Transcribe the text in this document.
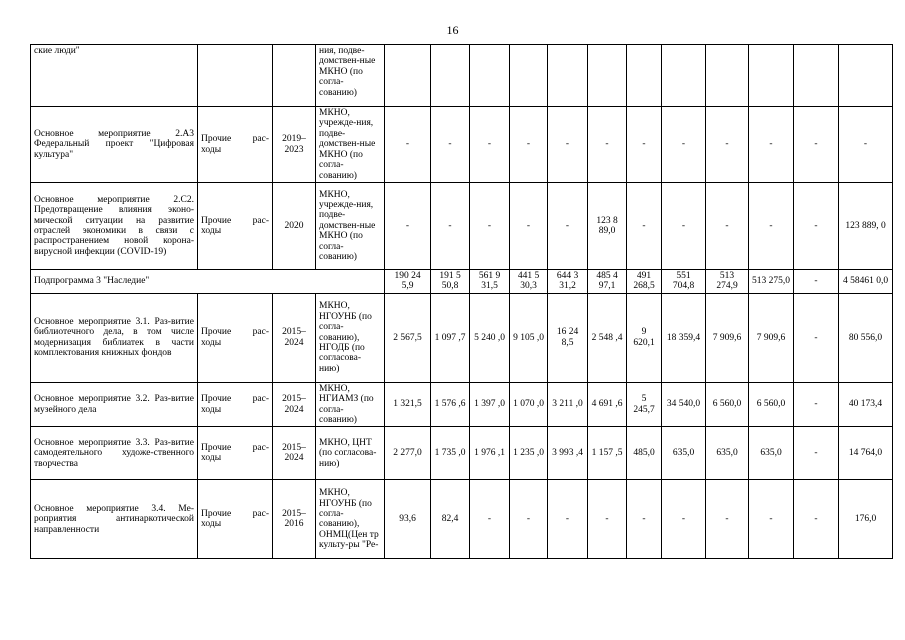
16
ские люди"			ния, подве-домствен-ные МКНО (по согла-сованию)												
Основное мероприятие 2.А3 Федеральный проект "Цифровая культура"	Прочие рас-ходы	2019–2023	МКНО, учрежде-ния, подве-домствен-ные МКНО (по согла-сованию)	-	-	-	-	-	-	-	-	-	-	-	-
Основное мероприятие 2.С2. Предотвращение влияния эконо-мической ситуации на развитие отраслей экономики в связи с распространением новой корона-вирусной инфекции (COVID-19)	Прочие рас-ходы	2020	МКНО, учрежде-ния, подве-домствен-ные МКНО (по согла-сованию)	-	-	-	-	-	123 8 89,0	-	-	-	-	-	123 889, 0
Подпрограмма 3 "Наследие"				190 24 5,9	191 5 50,8	561 9 31,5	441 5 30,3	644 3 31,2	485 4 97,1	491 268,5	551 704,8	513 274,9	513 275,0	-	4 58461 0,0
Основное мероприятие 3.1. Раз-витие библиотечного дела, в том числе модернизация библиатек в части комплектования книжных фондов	Прочие рас-ходы	2015–2024	МКНО, НГОУНБ (по согла-сованию), НГОДБ (по согласова-нию)	2 567,5	1 097 ,7	5 240 ,0	9 105 ,0	16 24 8,5	2 548 ,4	9 620,1	18 359,4	7 909,6	7 909,6	-	80 556,0
Основное мероприятие 3.2. Раз-витие музейного дела	Прочие рас-ходы	2015–2024	МКНО, НГИАМЗ (по согла-сованию)	1 321,5	1 576 ,6	1 397 ,0	1 070 ,0	3 211 ,0	4 691 ,6	5 245,7	34 540,0	6 560,0	6 560,0	-	40 173,4
Основное мероприятие 3.3. Раз-витие самодеятельного художе-ственного творчества	Прочие рас-ходы	2015–2024	МКНО, ЦНТ (по согласова-нию)	2 277,0	1 735 ,0	1 976 ,1	1 235 ,0	3 993 ,4	1 157 ,5	485,0	635,0	635,0	635,0	-	14 764,0
Основное мероприятие 3.4. Ме-роприятия антинаркотической направленности	Прочие рас-ходы	2015–2016	МКНО, НГОУНБ (по согла-сованию), ОНМЦ(Цен тр культу-ры "Ре-	93,6	82,4	-	-	-	-	-	-	-	-	-	176,0
